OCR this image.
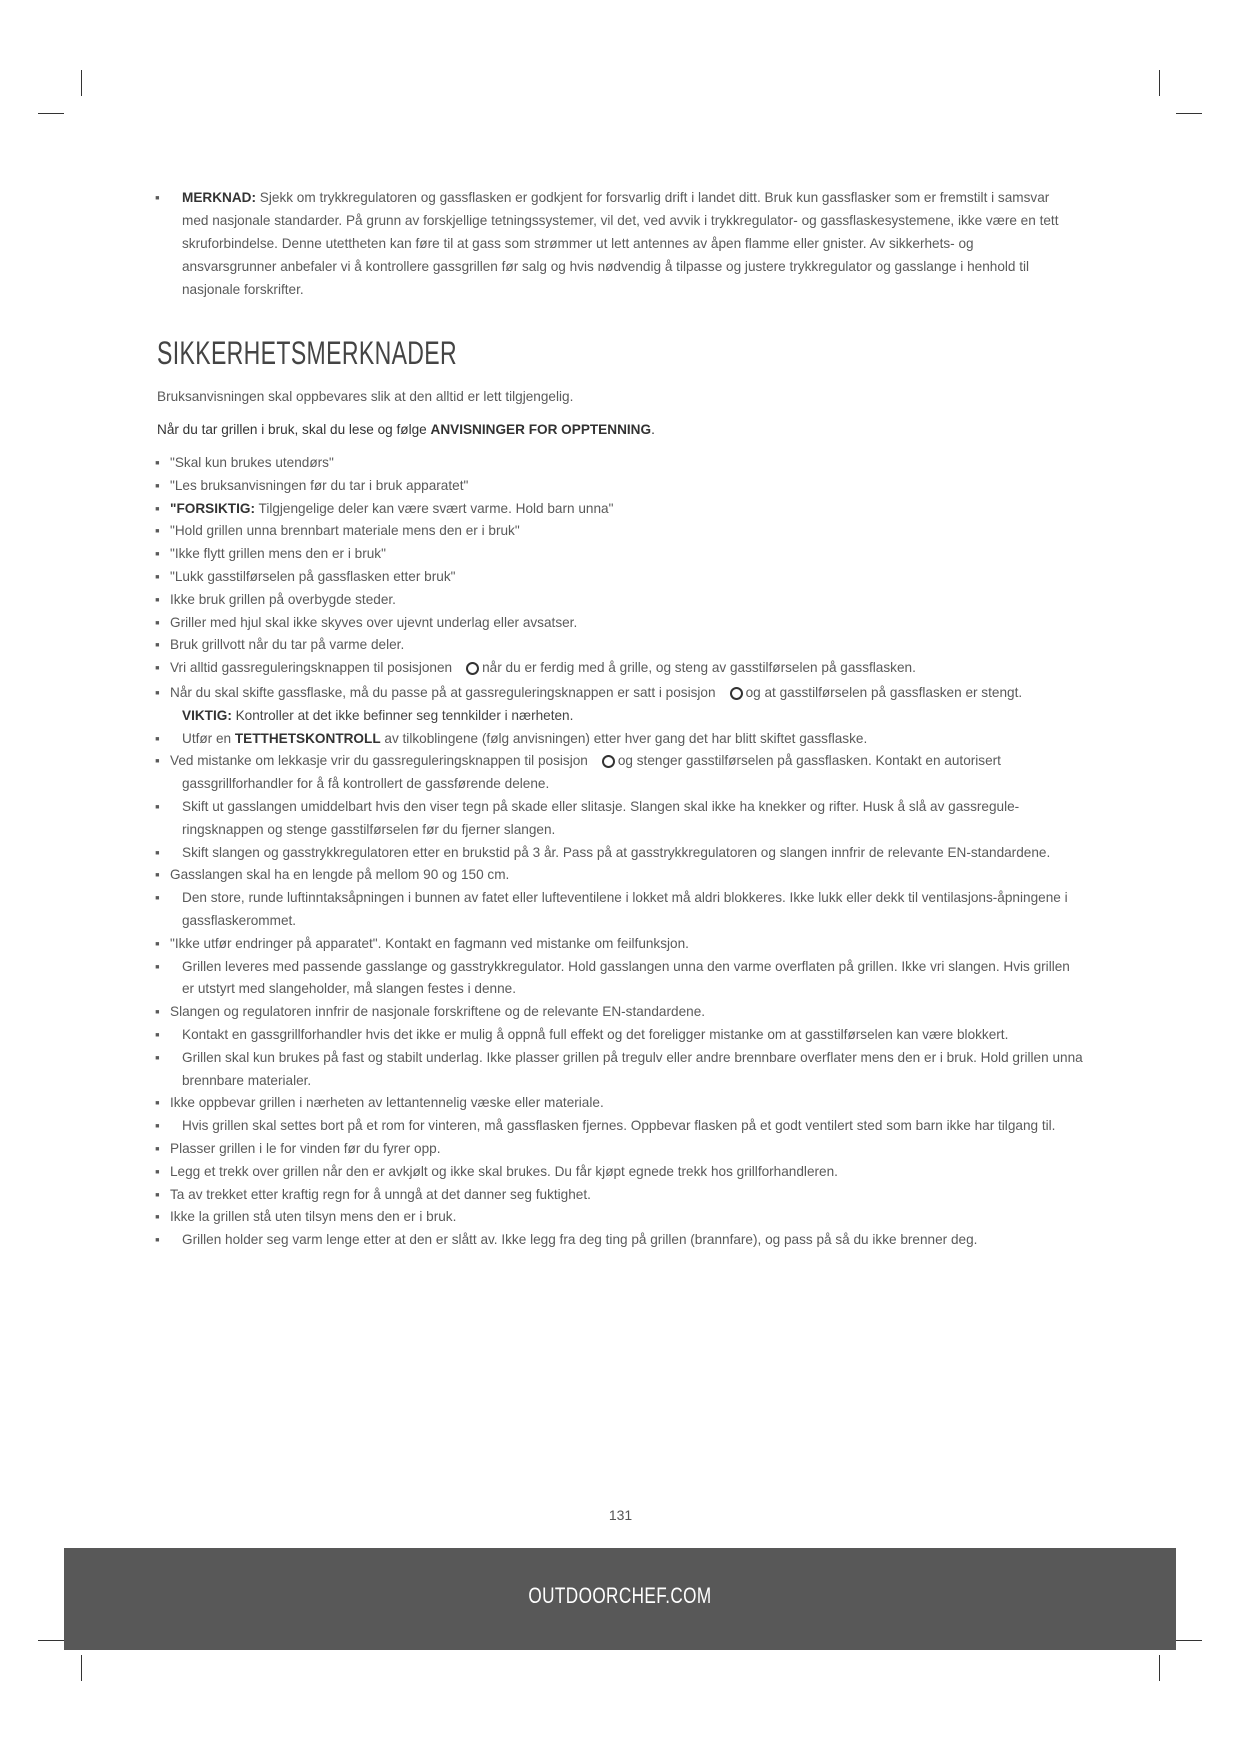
▪	MERKNAD: Sjekk om trykkregulatoren og gassflasken er godkjent for forsvarlig drift i landet ditt. Bruk kun gassflasker som er fremstilt i samsvar med nasjonale standarder. På grunn av forskjellige tetningssystemer, vil det, ved avvik i trykkregulator- og gassflaskesystemene, ikke være en tett skruforbindelse. Denne utettheten kan føre til at gass som strømmer ut lett antennes av åpen flamme eller gnister. Av sikkerhets- og ansvarsgrunner anbefaler vi å kontrollere gassgrillen før salg og hvis nødvendig å tilpasse og justere trykkregulator og gasslange i henhold til nasjonale forskrifter.
SIKKERHETSMERKNADER

Bruksanvisningen skal oppbevares slik at den alltid er lett tilgjengelig.

Når du tar grillen i bruk, skal du lese og følge ANVISNINGER FOR OPPTENNING.

▪ "Skal kun brukes utendørs"
▪ "Les bruksanvisningen før du tar i bruk apparatet"
▪ "FORSIKTIG: Tilgjengelige deler kan være svært varme. Hold barn unna"
▪ "Hold grillen unna brennbart materiale mens den er i bruk"
▪ "Ikke flytt grillen mens den er i bruk"
▪ "Lukk gasstilførselen på gassflasken etter bruk"
▪ Ikke bruk grillen på overbygde steder.
▪ Griller med hjul skal ikke skyves over ujevnt underlag eller avsatser.
▪ Bruk grillvott når du tar på varme deler.
▪ Vri alltid gassreguleringsknappen til posisjonen når du er ferdig med å grille, og steng av gasstilførselen på gassflasken.
▪ Når du skal skifte gassflaske, må du passe på at gassreguleringsknappen er satt i posisjon og at gasstilførselen på gassflasken er stengt.
VIKTIG: Kontroller at det ikke befinner seg tennkilder i nærheten.
▪ Utfør en TETTHETSKONTROLL av tilkoblingene (følg anvisningen) etter hver gang det har blitt skiftet gassflaske.
▪ Ved mistanke om lekkasje vrir du gassreguleringsknappen til posisjon og stenger gasstilførselen på gassflasken. Kontakt en autorisert
gassgrillforhandler for å få kontrollert de gassførende delene.
▪ Skift ut gasslangen umiddelbart hvis den viser tegn på skade eller slitasje. Slangen skal ikke ha knekker og rifter. Husk å slå av gassregule-ringsknappen og stenge gasstilførselen før du fjerner slangen.
▪ Skift slangen og gasstrykkregulatoren etter en brukstid på 3 år. Pass på at gasstrykkregulatoren og slangen innfrir de relevante EN-standardene.
▪ Gasslangen skal ha en lengde på mellom 90 og 150 cm.
▪ Den store, runde luftinntaksåpningen i bunnen av fatet eller lufteventilene i lokket må aldri blokkeres. Ikke lukk eller dekk til ventilasjons-åpningene i gassflaskerommet.
▪ "Ikke utfør endringer på apparatet". Kontakt en fagmann ved mistanke om feilfunksjon.
▪ Grillen leveres med passende gasslange og gasstrykkregulator. Hold gasslangen unna den varme overflaten på grillen. Ikke vri slangen. Hvis grillen er utstyrt med slangeholder, må slangen festes i denne.
▪ Slangen og regulatoren innfrir de nasjonale forskriftene og de relevante EN-standardene.
▪ Kontakt en gassgrillforhandler hvis det ikke er mulig å oppnå full effekt og det foreligger mistanke om at gasstilførselen kan være blokkert.
▪ Grillen skal kun brukes på fast og stabilt underlag. Ikke plasser grillen på tregulv eller andre brennbare overflater mens den er i bruk. Hold grillen unna brennbare materialer.
▪ Ikke oppbevar grillen i nærheten av lettantennelig væske eller materiale.
▪ Hvis grillen skal settes bort på et rom for vinteren, må gassflasken fjernes. Oppbevar flasken på et godt ventilert sted som barn ikke har tilgang til.
▪ Plasser grillen i le for vinden før du fyrer opp.
▪ Legg et trekk over grillen når den er avkjølt og ikke skal brukes. Du får kjøpt egnede trekk hos grillforhandleren.
▪ Ta av trekket etter kraftig regn for å unngå at det danner seg fuktighet.
▪ Ikke la grillen stå uten tilsyn mens den er i bruk.
▪ Grillen holder seg varm lenge etter at den er slått av. Ikke legg fra deg ting på grillen (brannfare), og pass på så du ikke brenner deg.
131
OUTDOORCHEF.COM
